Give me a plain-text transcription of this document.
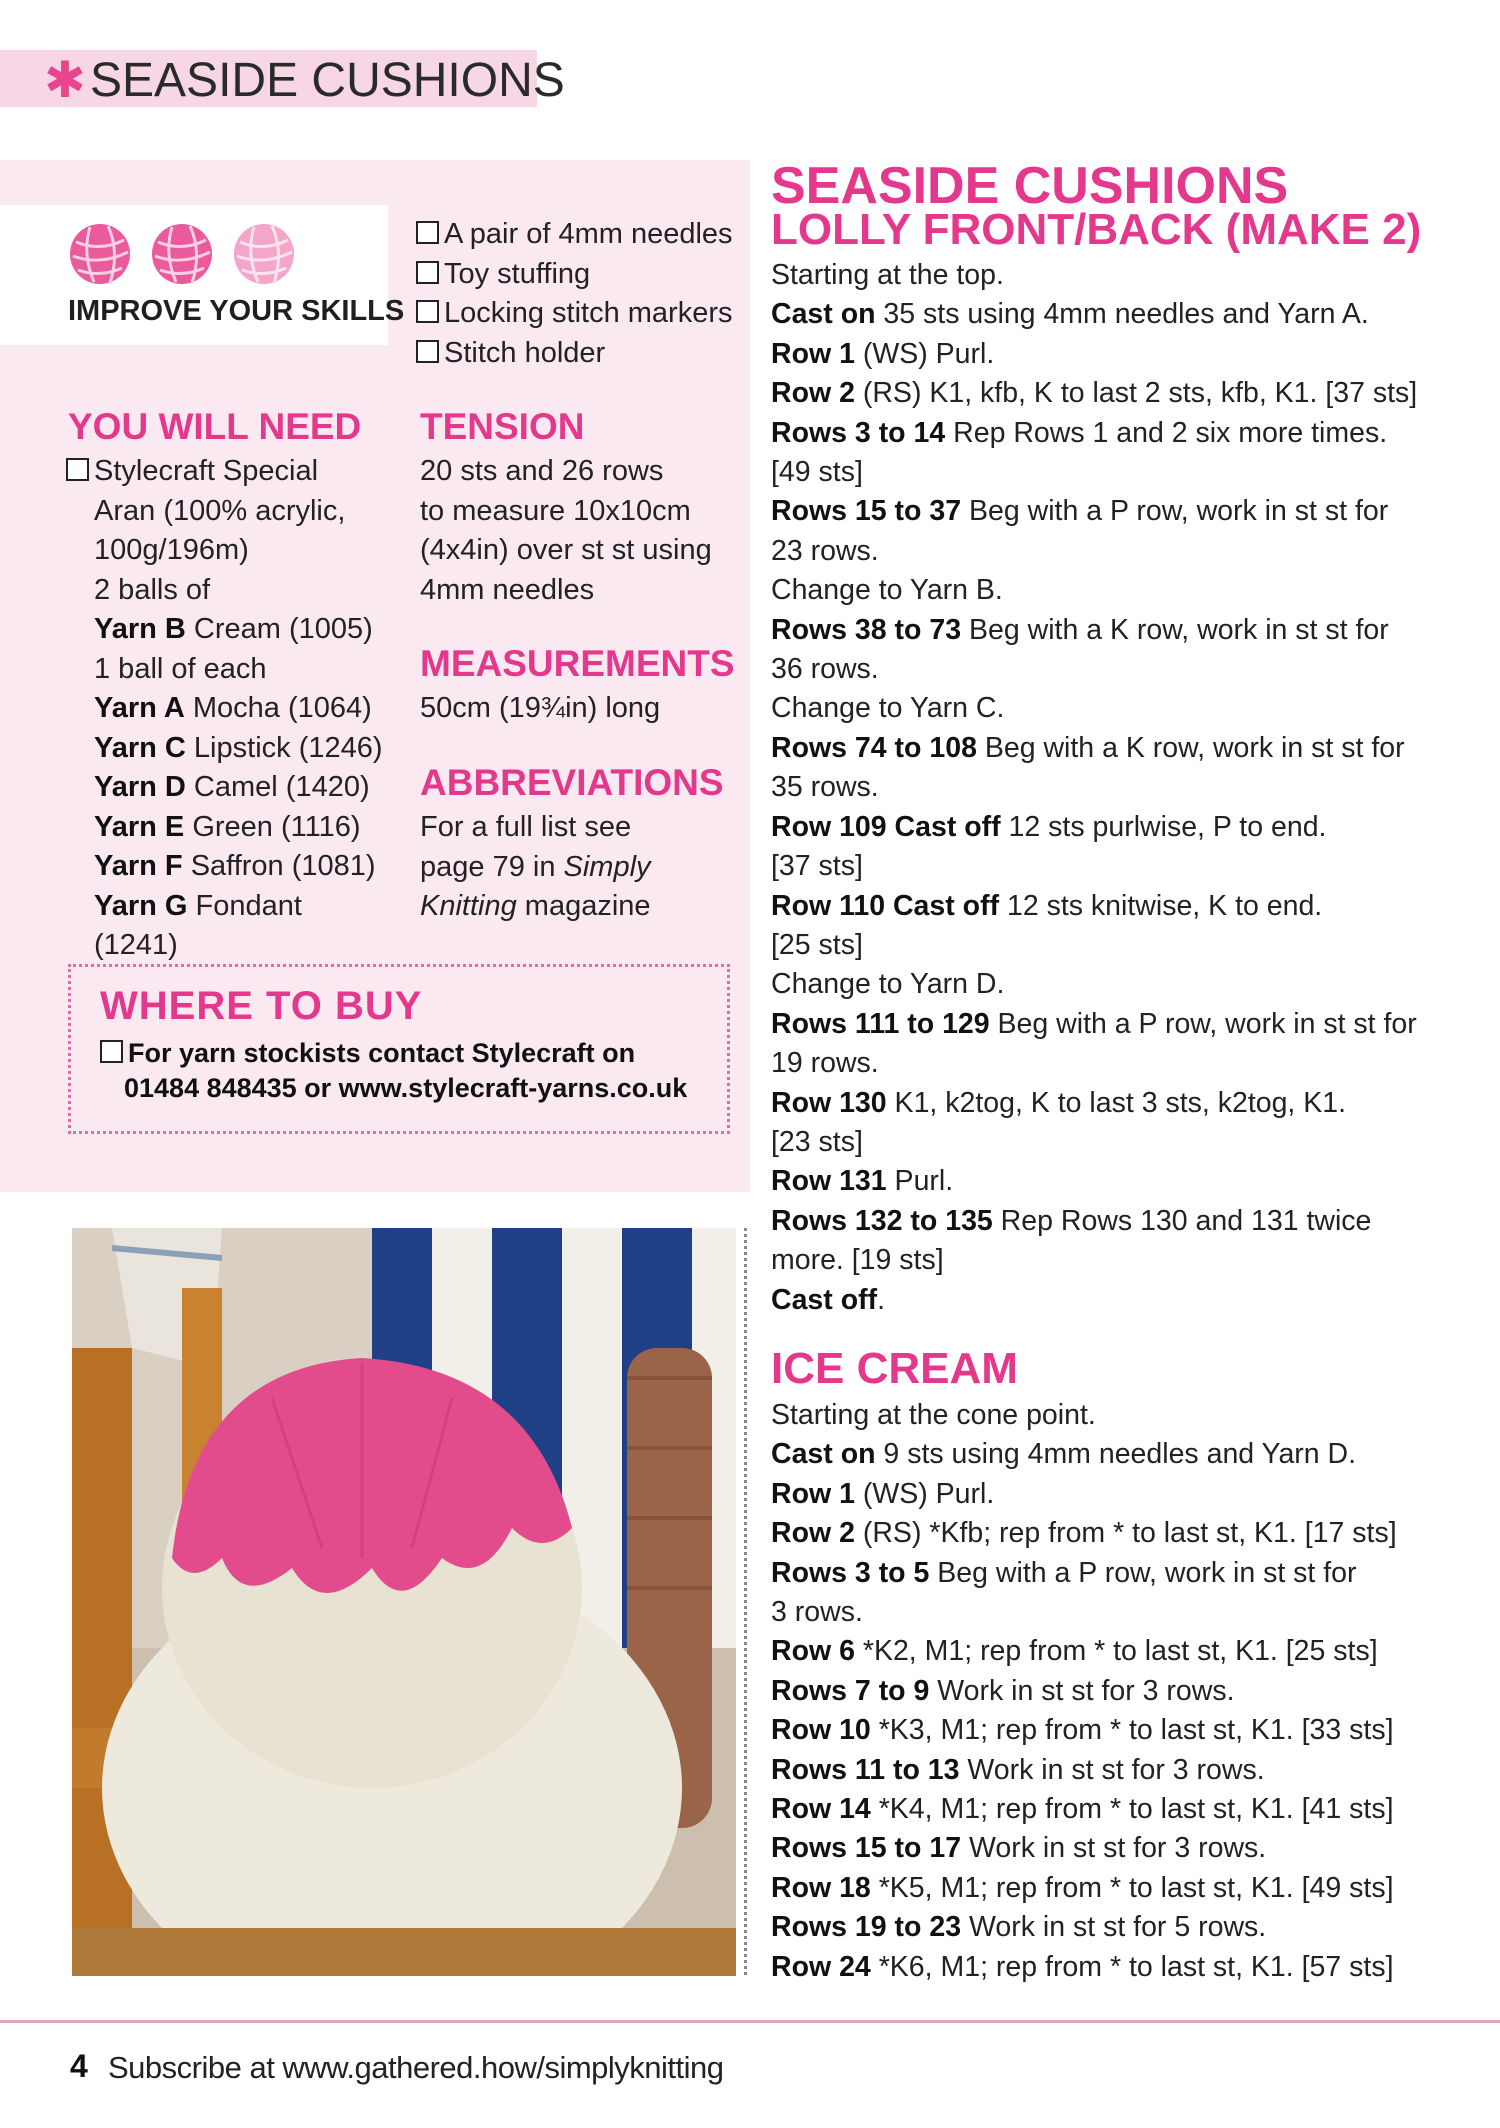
✱ SEASIDE CUSHIONS
IMPROVE YOUR SKILLS
A pair of 4mm needles
Toy stuffing
Locking stitch markers
Stitch holder
YOU WILL NEED
Stylecraft Special
Aran (100% acrylic,
100g/196m)
2 balls of
Yarn B Cream (1005)
1 ball of each
Yarn A Mocha (1064)
Yarn C Lipstick (1246)
Yarn D Camel (1420)
Yarn E Green (1116)
Yarn F Saffron (1081)
Yarn G Fondant (1241)
TENSION
20 sts and 26 rows
to measure 10x10cm
(4x4in) over st st using
4mm needles
MEASUREMENTS
50cm (19¾in) long
ABBREVIATIONS
For a full list see
page 79 in Simply
Knitting magazine
WHERE TO BUY
For yarn stockists contact Stylecraft on
01484 848435 or www.stylecraft-yarns.co.uk
SEASIDE CUSHIONS
LOLLY FRONT/BACK (MAKE 2)
Starting at the top.
Cast on 35 sts using 4mm needles and Yarn A.
Row 1 (WS) Purl.
Row 2 (RS) K1, kfb, K to last 2 sts, kfb, K1. [37 sts]
Rows 3 to 14 Rep Rows 1 and 2 six more times.
[49 sts]
Rows 15 to 37 Beg with a P row, work in st st for
23 rows.
Change to Yarn B.
Rows 38 to 73 Beg with a K row, work in st st for
36 rows.
Change to Yarn C.
Rows 74 to 108 Beg with a K row, work in st st for
35 rows.
Row 109 Cast off 12 sts purlwise, P to end.
[37 sts]
Row 110 Cast off 12 sts knitwise, K to end.
[25 sts]
Change to Yarn D.
Rows 111 to 129 Beg with a P row, work in st st for
19 rows.
Row 130 K1, k2tog, K to last 3 sts, k2tog, K1.
[23 sts]
Row 131 Purl.
Rows 132 to 135 Rep Rows 130 and 131 twice
more. [19 sts]
Cast off.
ICE CREAM
Starting at the cone point.
Cast on 9 sts using 4mm needles and Yarn D.
Row 1 (WS) Purl.
Row 2 (RS) *Kfb; rep from * to last st, K1. [17 sts]
Rows 3 to 5 Beg with a P row, work in st st for
3 rows.
Row 6 *K2, M1; rep from * to last st, K1. [25 sts]
Rows 7 to 9 Work in st st for 3 rows.
Row 10 *K3, M1; rep from * to last st, K1. [33 sts]
Rows 11 to 13 Work in st st for 3 rows.
Row 14 *K4, M1; rep from * to last st, K1. [41 sts]
Rows 15 to 17 Work in st st for 3 rows.
Row 18 *K5, M1; rep from * to last st, K1. [49 sts]
Rows 19 to 23 Work in st st for 5 rows.
Row 24 *K6, M1; rep from * to last st, K1. [57 sts]
4 Subscribe at www.gathered.how/simplyknitting
